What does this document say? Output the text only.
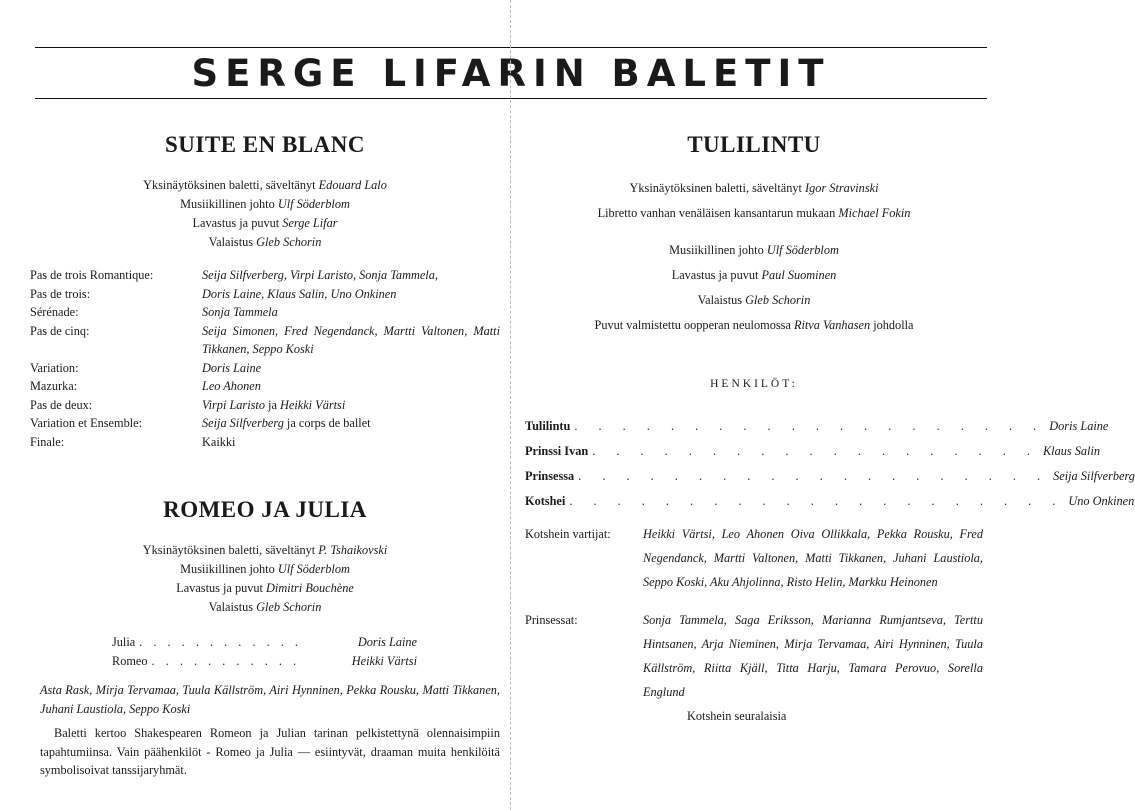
SERGE LIFARIN BALETIT
SUITE EN BLANC
Yksinäytöksinen baletti, säveltänyt Edouard Lalo
Musiikillinen johto Ulf Söderblom
Lavastus ja puvut Serge Lifar
Valaistus Gleb Schorin
Pas de trois Romantique:	Seija Silfverberg, Virpi Laristo, Sonja Tammela,
Pas de trois:	Doris Laine, Klaus Salin, Uno Onkinen
Sérénade:	Sonja Tammela
Pas de cinq:	Seija Simonen, Fred Negendanck, Martti Valtonen, Matti Tikkanen, Seppo Koski
Variation:	Doris Laine
Mazurka:	Leo Ahonen
Pas de deux:	Virpi Laristo ja Heikki Värtsi
Variation et Ensemble:	Seija Silfverberg ja corps de ballet
Finale:	Kaikki
ROMEO JA JULIA
Yksinäytöksinen baletti, säveltänyt P. Tshaikovski
Musiikillinen johto Ulf Söderblom
Lavastus ja puvut Dimitri Bouchène
Valaistus Gleb Schorin
Julia . . . . . . . . . . . .	Doris Laine
Romeo . . . . . . . . . . .	Heikki Värtsi

Asta Rask, Mirja Tervamaa, Tuula Källström, Airi Hynninen, Pekka Rousku, Matti Tikkanen, Juhani Laustiola, Seppo Koski

Baletti kertoo Shakespearen Romeon ja Julian tarinan pelkistettynä olennaisimpiin tapahtumiinsa. Vain päähenkilöt - Romeo ja Julia — esiintyvät, draaman muita henkilöitä symbolisoivat tanssijaryhmät.

TULILINTU
Yksinäytöksinen baletti, säveltänyt Igor Stravinski
Libretto vanhan venäläisen kansantarun mukaan Michael Fokin
Musiikillinen johto Ulf Söderblom
Lavastus ja puvut Paul Suominen
Valaistus Gleb Schorin
Puvut valmistettu oopperan neulomossa Ritva Vanhasen johdolla
HENKILÖT:
Tulilintu . . . . . . . . . . . . . . . . . . . . Doris Laine
Prinssi Ivan . . . . . . . . . . . . . . . . . . . Klaus Salin
Prinsessa . . . . . . . . . . . . . . . . . . . . Seija Silfverberg
Kotshei . . . . . . . . . . . . . . . . . . . . . Uno Onkinen
Kotshein vartijat:	Heikki Värtsi, Leo Ahonen Oiva Ollikkala, Pekka Rousku, Fred Negendanck, Martti Valtonen, Matti Tikkanen, Juhani Laustiola, Seppo Koski, Aku Ahjolinna, Risto Helin, Markku Heinonen
Prinsessat:	Sonja Tammela, Saga Eriksson, Marianna Rumjantseva, Terttu Hintsanen, Arja Nieminen, Mirja Tervamaa, Airi Hynninen, Tuula Källström, Riitta Kjäll, Titta Harju, Tamara Perovuo, Sorella Englund
Kotshein seuralaisia
